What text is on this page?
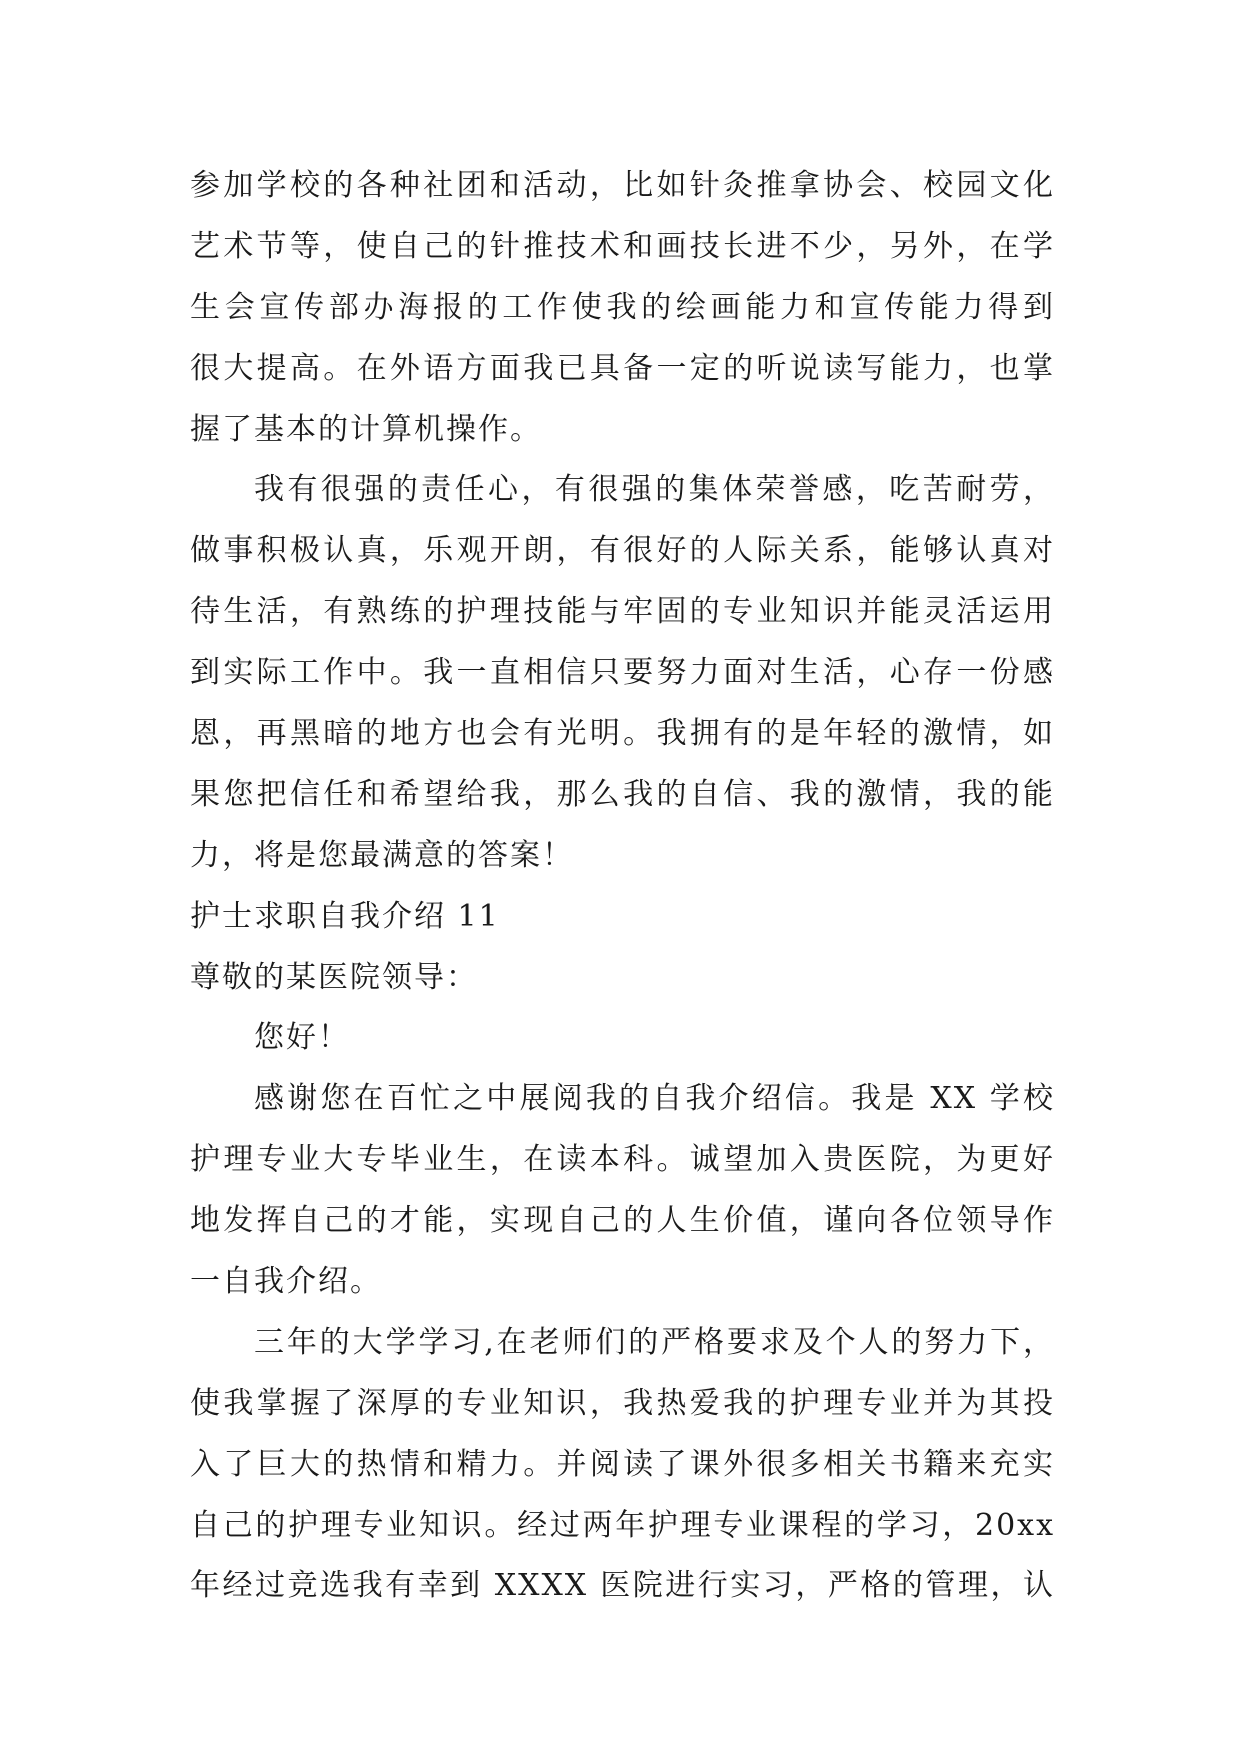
参加学校的各种社团和活动，比如针灸推拿协会、校园文化
艺术节等，使自己的针推技术和画技长进不少，另外，在学
生会宣传部办海报的工作使我的绘画能力和宣传能力得到
很大提高。在外语方面我已具备一定的听说读写能力，也掌
握了基本的计算机操作。
我有很强的责任心，有很强的集体荣誉感，吃苦耐劳，
做事积极认真，乐观开朗，有很好的人际关系，能够认真对
待生活，有熟练的护理技能与牢固的专业知识并能灵活运用
到实际工作中。我一直相信只要努力面对生活，心存一份感
恩，再黑暗的地方也会有光明。我拥有的是年轻的激情，如
果您把信任和希望给我，那么我的自信、我的激情，我的能
力，将是您最满意的答案！
护士求职自我介绍 11
尊敬的某医院领导：
您好！
感谢您在百忙之中展阅我的自我介绍信。我是 XX 学校
护理专业大专毕业生，在读本科。诚望加入贵医院，为更好
地发挥自己的才能，实现自己的人生价值，谨向各位领导作
一自我介绍。
三年的大学学习,在老师们的严格要求及个人的努力下，
使我掌握了深厚的专业知识，我热爱我的护理专业并为其投
入了巨大的热情和精力。并阅读了课外很多相关书籍来充实
自己的护理专业知识。经过两年护理专业课程的学习，20xx
年经过竞选我有幸到 XXXX 医院进行实习，严格的管理，认
